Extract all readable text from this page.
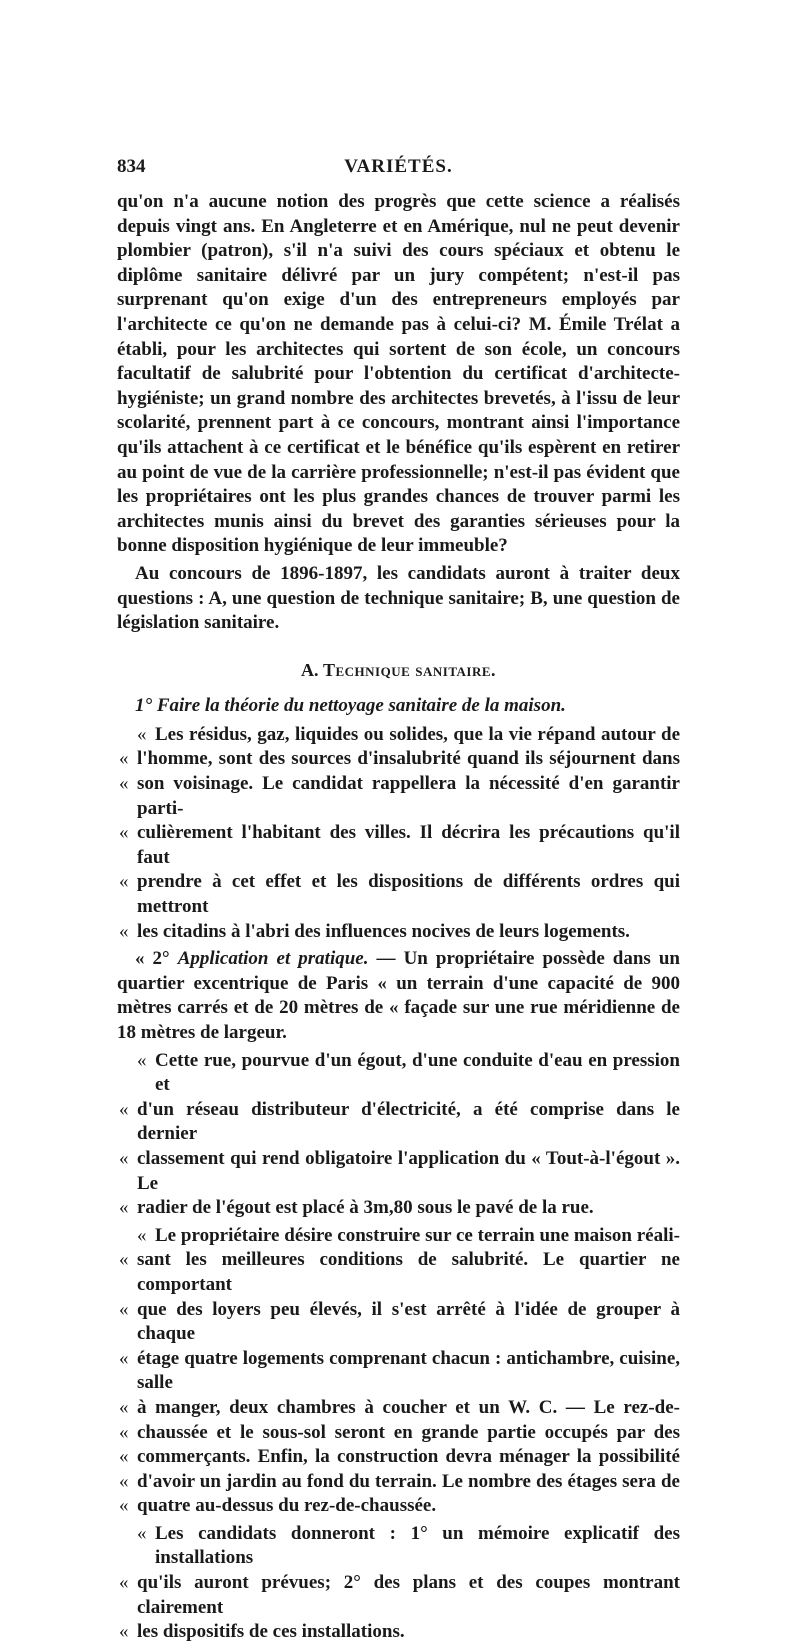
834	VARIÉTÉS.

qu'on n'a aucune notion des progrès que cette science a réalisés depuis vingt ans. En Angleterre et en Amérique, nul ne peut devenir plombier (patron), s'il n'a suivi des cours spéciaux et obtenu le diplôme sanitaire délivré par un jury compétent; n'est-il pas surprenant qu'on exige d'un des entrepreneurs employés par l'architecte ce qu'on ne demande pas à celui-ci? M. Émile Trélat a établi, pour les architectes qui sortent de son école, un concours facultatif de salubrité pour l'obtention du certificat d'architecte-hygiéniste; un grand nombre des architectes brevetés, à l'issu de leur scolarité, prennent part à ce concours, montrant ainsi l'importance qu'ils attachent à ce certificat et le bénéfice qu'ils espèrent en retirer au point de vue de la carrière professionnelle; n'est-il pas évident que les propriétaires ont les plus grandes chances de trouver parmi les architectes munis ainsi du brevet des garanties sérieuses pour la bonne disposition hygiénique de leur immeuble?

Au concours de 1896-1897, les candidats auront à traiter deux questions : A, une question de technique sanitaire; B, une question de législation sanitaire.

A. Technique sanitaire.

1° Faire la théorie du nettoyage sanitaire de la maison.

« Les résidus, gaz, liquides ou solides, que la vie répand autour de
« l'homme, sont des sources d'insalubrité quand ils séjournent dans
« son voisinage. Le candidat rappellera la nécessité d'en garantir parti-
« culièrement l'habitant des villes. Il décrira les précautions qu'il faut
« prendre à cet effet et les dispositions de différents ordres qui mettront
« les citadins à l'abri des influences nocives de leurs logements.

« 2° Application et pratique. — Un propriétaire possède dans un quartier excentrique de Paris « un terrain d'une capacité de 900 mètres carrés et de 20 mètres de « façade sur une rue méridienne de 18 mètres de largeur.

« Cette rue, pourvue d'un égout, d'une conduite d'eau en pression et
« d'un réseau distributeur d'électricité, a été comprise dans le dernier
« classement qui rend obligatoire l'application du « Tout-à-l'égout ». Le
« radier de l'égout est placé à 3m,80 sous le pavé de la rue.
« Le propriétaire désire construire sur ce terrain une maison réali-
« sant les meilleures conditions de salubrité. Le quartier ne comportant
« que des loyers peu élevés, il s'est arrêté à l'idée de grouper à chaque
« étage quatre logements comprenant chacun : antichambre, cuisine, salle
« à manger, deux chambres à coucher et un W. C. — Le rez-de-
« chaussée et le sous-sol seront en grande partie occupés par des
« commerçants. Enfin, la construction devra ménager la possibilité
« d'avoir un jardin au fond du terrain. Le nombre des étages sera de
« quatre au-dessus du rez-de-chaussée.
« Les candidats donneront : 1° un mémoire explicatif des installations
« qu'ils auront prévues; 2° des plans et des coupes montrant clairement
« les dispositifs de ces installations.
